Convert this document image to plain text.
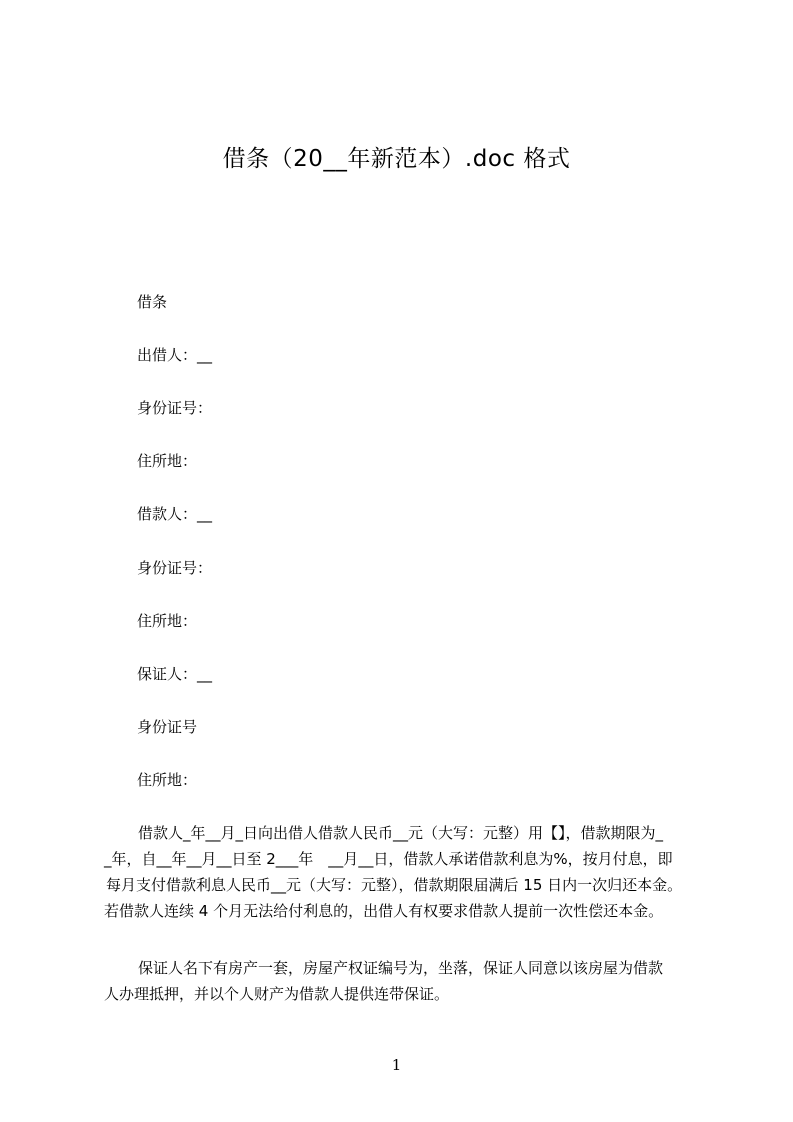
借条（20__年新范本）.doc 格式
借条
出借人：__
身份证号：
住所地：
借款人：__
身份证号：
住所地：
保证人：__
身份证号
住所地：
借款人_年__月_日向出借人借款人民币__元（大写：元整）用【】，借款期限为_
_年，自__年__月__日至 2___年　__月__日，借款人承诺借款利息为%，按月付息，即
每月支付借款利息人民币__元（大写：元整），借款期限届满后 15 日内一次归还本金。
若借款人连续 4 个月无法给付利息的，出借人有权要求借款人提前一次性偿还本金。
保证人名下有房产一套，房屋产权证编号为，坐落，保证人同意以该房屋为借款
人办理抵押，并以个人财产为借款人提供连带保证。
1
